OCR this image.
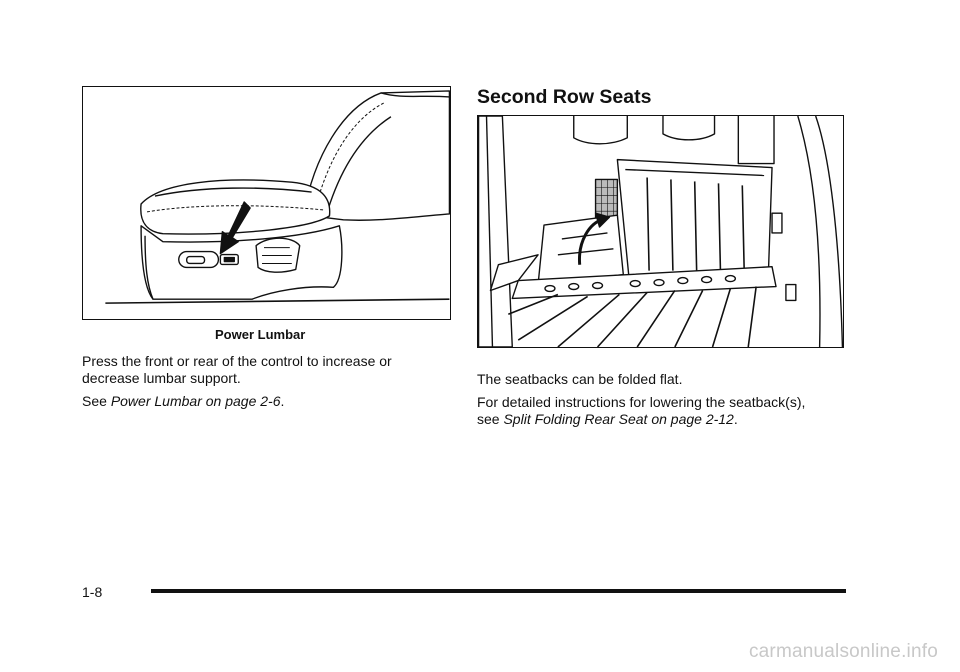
Power Lumbar

Press the front or rear of the control to increase or decrease lumbar support.

See Power Lumbar on page 2-6.

Second Row Seats

The seatbacks can be folded flat.

For detailed instructions for lowering the seatback(s), see Split Folding Rear Seat on page 2-12.

1-8
carmanualsonline.info
